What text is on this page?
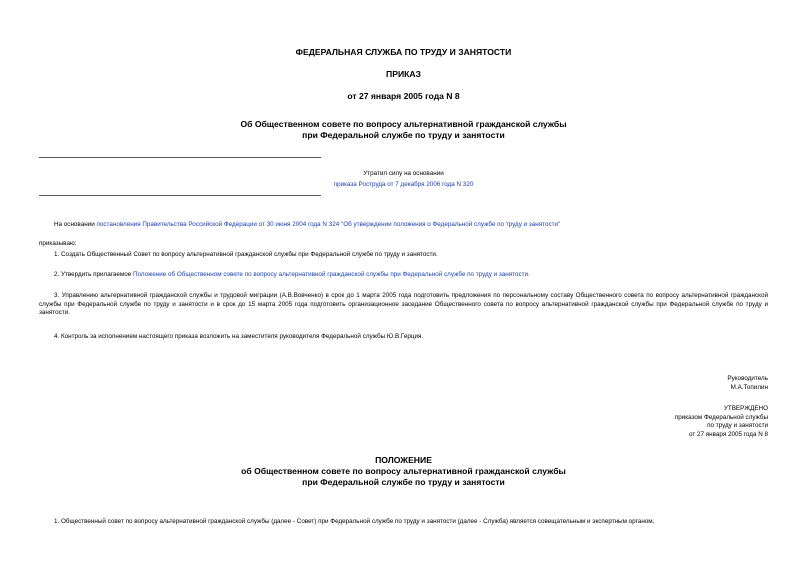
ФЕДЕРАЛЬНАЯ СЛУЖБА ПО ТРУДУ И ЗАНЯТОСТИ
ПРИКАЗ
от 27 января 2005 года N 8
Об Общественном совете по вопросу альтернативной гражданской службы
при Федеральной службе по труду и занятости
Утратил силу на основании
приказа Роструда от 7 декабря 2006 года N 320
На основании постановления Правительства Российской Федерации от 30 июня 2004 года N 324 "Об утверждении положения о Федеральной службе по труду и занятости"
приказываю:
1. Создать Общественный Совет по вопросу альтернативной гражданской службы при Федеральной службе по труду и занятости.
2. Утвердить прилагаемое Положение об Общественном совете по вопросу альтернативной гражданской службы при Федеральной службе по труду и занятости.
3. Управлению альтернативной гражданской службы и трудовой миграции (А.В.Вовченко) в срок до 1 марта 2005 года подготовить предложения по персональному составу Общественного совета по вопросу альтернативной гражданской службы при Федеральной службе по труду и занятости и в срок до 15 марта 2005 года подготовить организационное заседание Общественного совета по вопросу альтернативной гражданской службы при Федеральной службе по труду и занятости.
4. Контроль за исполнением настоящего приказа возложить на заместителя руководителя Федеральной службы Ю.В.Герция.
Руководитель
М.А.Топилин
УТВЕРЖДЕНО
приказом Федеральной службы
по труду и занятости
от 27 января 2005 года N 8
ПОЛОЖЕНИЕ
об Общественном совете по вопросу альтернативной гражданской службы
при Федеральной службе по труду и занятости
1. Общественный совет по вопросу альтернативной гражданской службы (далее - Совет) при Федеральной службе по труду и занятости (далее - Служба) является совещательным и экспертным органом,
